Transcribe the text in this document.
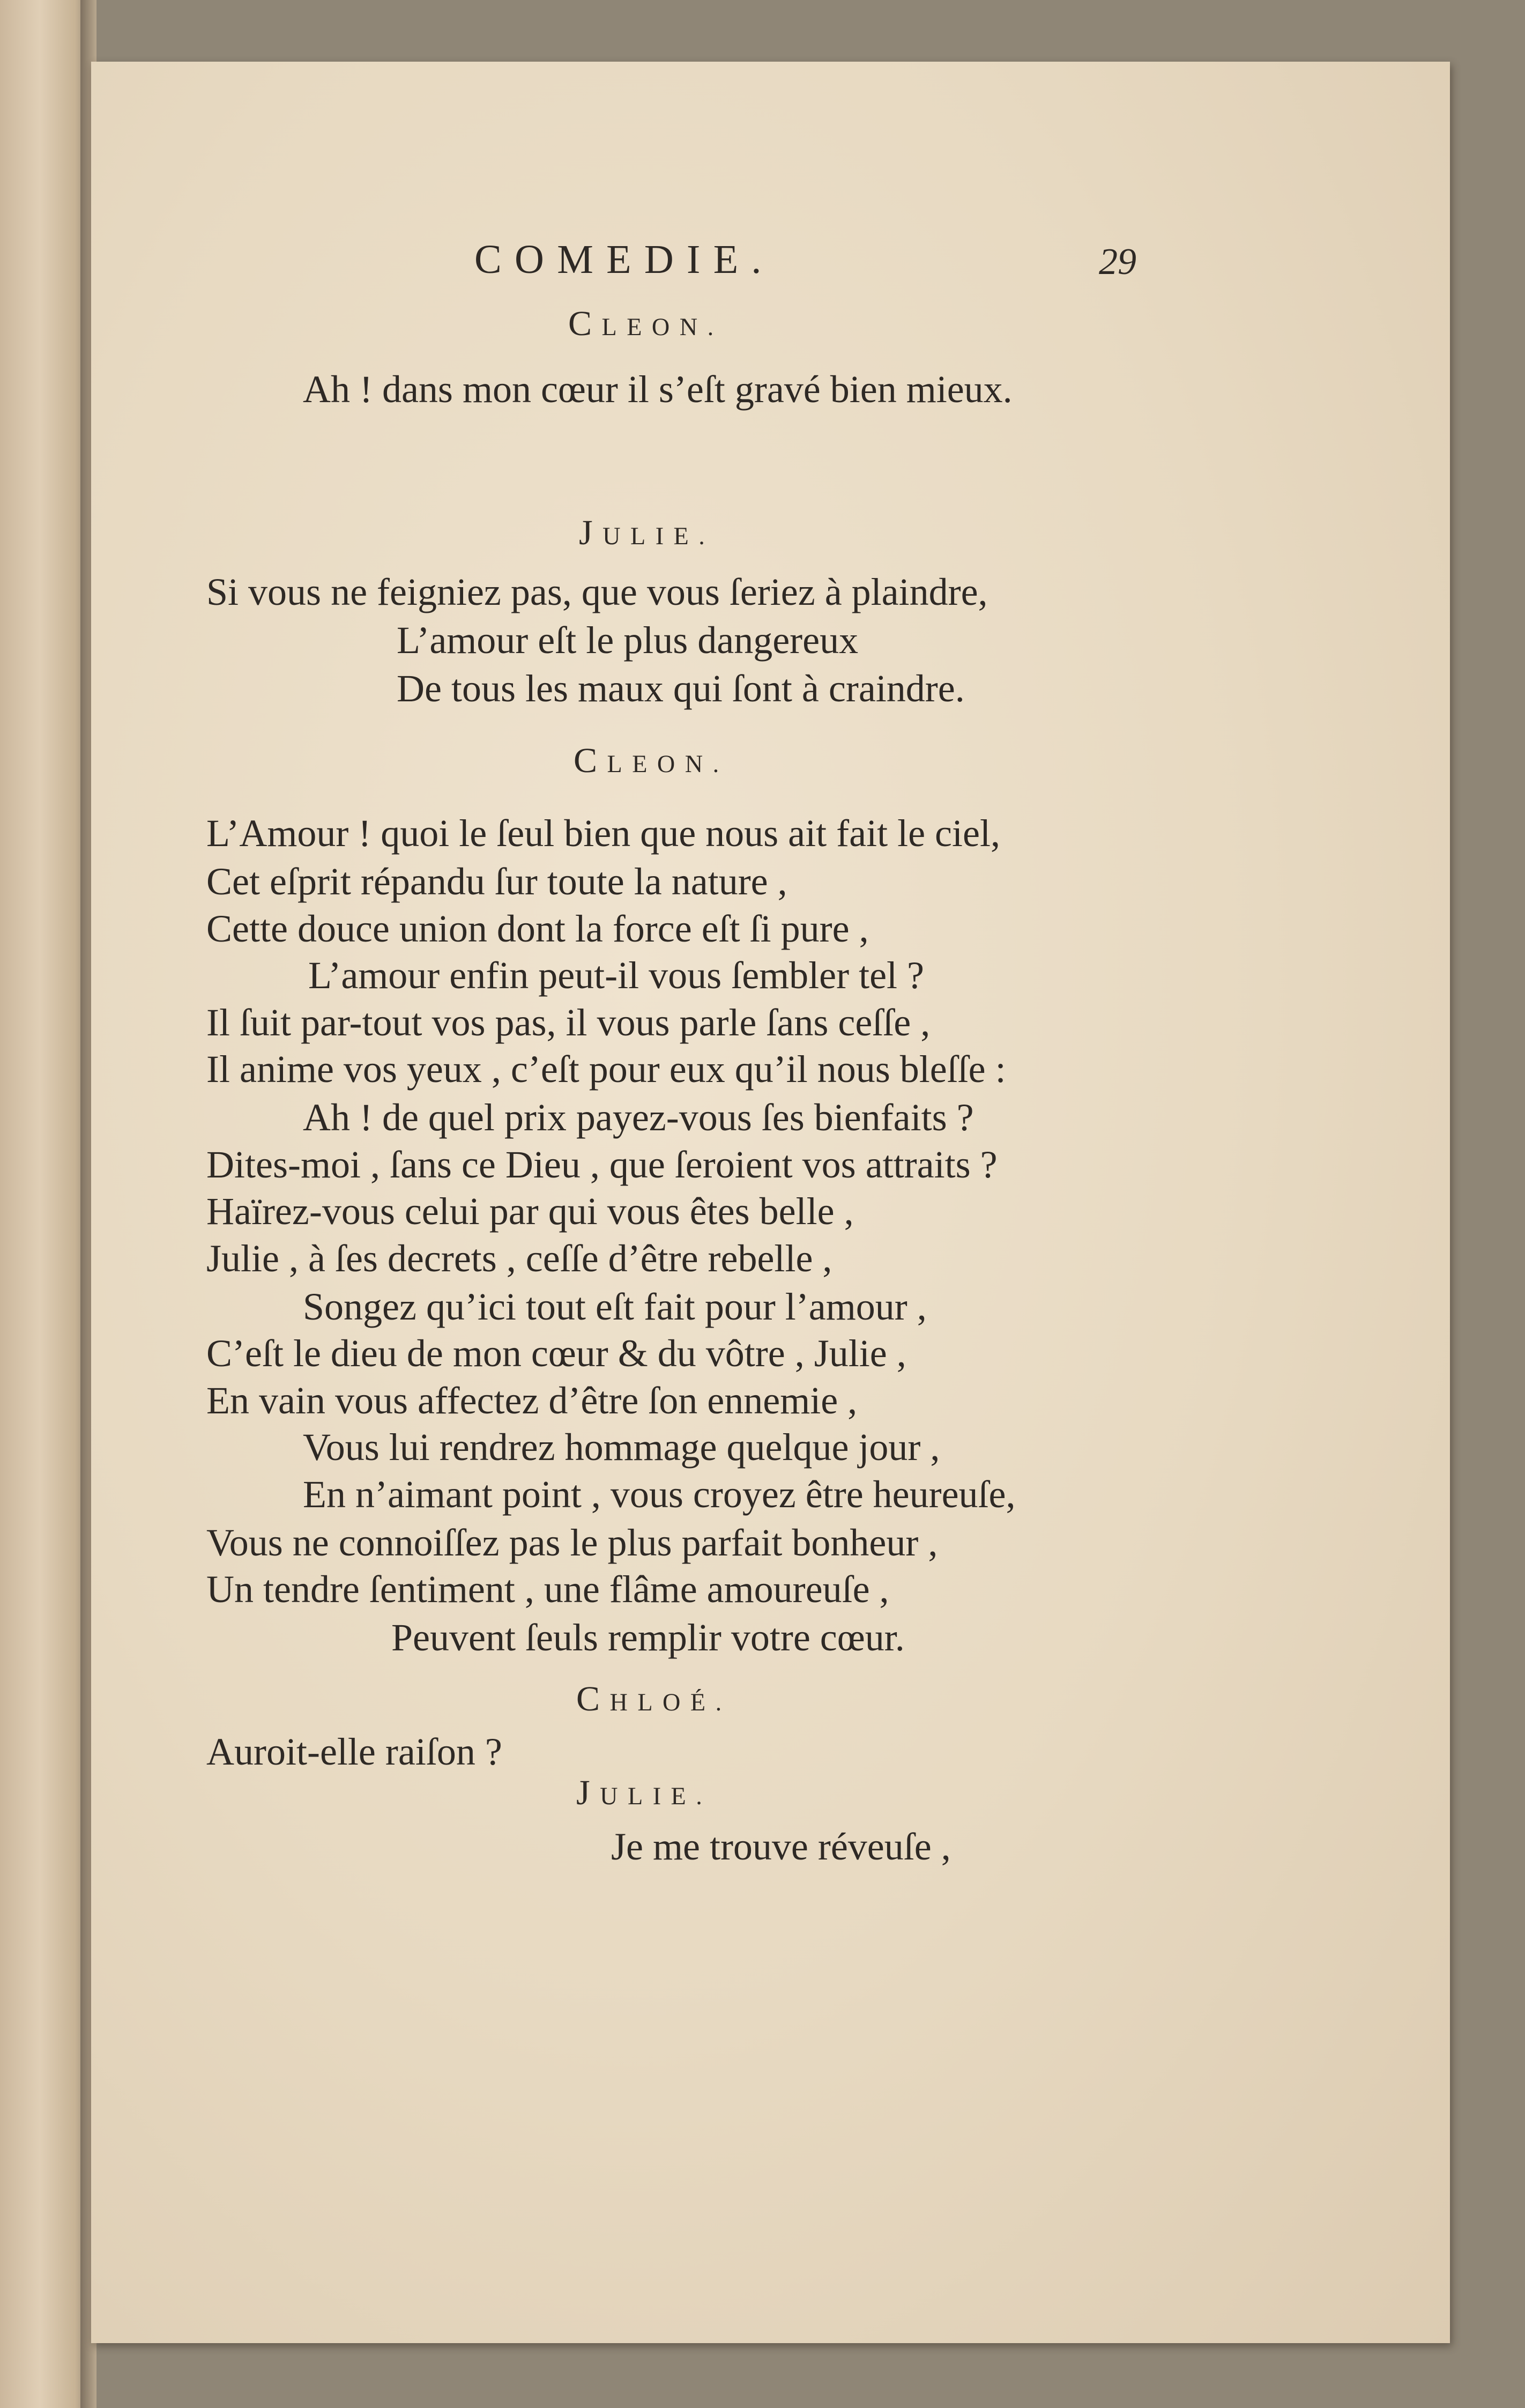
COMEDIE.	29
CLEON.
Ah ! dans mon cœur il s’eſt gravé bien mieux.
JULIE.
Si vous ne feigniez pas, que vous ſeriez à plaindre,
L’amour eſt le plus dangereux
De tous les maux qui ſont à craindre.
CLEON.
L’Amour ! quoi le ſeul bien que nous ait fait le ciel,
Cet eſprit répandu ſur toute la nature ,
Cette douce union dont la force eſt ſi pure ,
L’amour enfin peut-il vous ſembler tel ?
Il ſuit par-tout vos pas, il vous parle ſans ceſſe ,
Il anime vos yeux , c’eſt pour eux qu’il nous bleſſe :
Ah ! de quel prix payez-vous ſes bienfaits ?
Dites-moi , ſans ce Dieu , que ſeroient vos attraits ?
Haïrez-vous celui par qui vous êtes belle ,
Julie , à ſes decrets , ceſſe d’être rebelle ,
Songez qu’ici tout eſt fait pour l’amour ,
C’eſt le dieu de mon cœur & du vôtre , Julie ,
En vain vous affectez d’être ſon ennemie ,
Vous lui rendrez hommage quelque jour ,
En n’aimant point , vous croyez être heureuſe,
Vous ne connoiſſez pas le plus parfait bonheur ,
Un tendre ſentiment , une flâme amoureuſe ,
Peuvent ſeuls remplir votre cœur.
CHLOÉ.
Auroit-elle raiſon ?
JULIE.
Je me trouve réveuſe ,
